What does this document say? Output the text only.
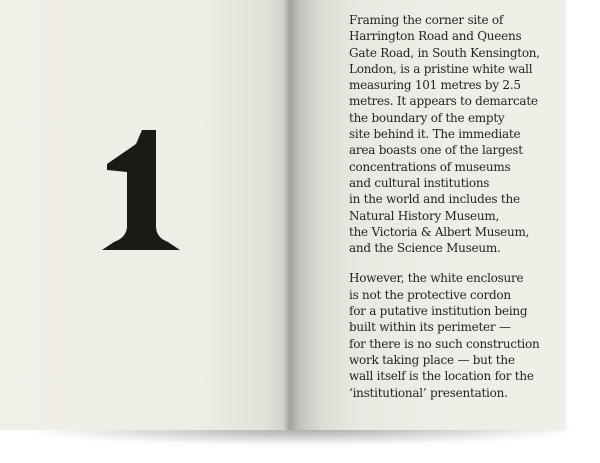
Framing the corner site of
Harrington Road and Queens
Gate Road, in South Kensington,
London, is a pristine white wall
measuring 101 metres by 2.5
metres. It appears to demarcate
the boundary of the empty
site behind it. The immediate
area boasts one of the largest
concentrations of museums
and cultural institutions
in the world and includes the
Natural History Museum,
the Victoria & Albert Museum,
and the Science Museum.

However, the white enclosure
is not the protective cordon
for a putative institution being
built within its perimeter —
for there is no such construction
work taking place — but the
wall itself is the location for the
‘institutional’ presentation.
